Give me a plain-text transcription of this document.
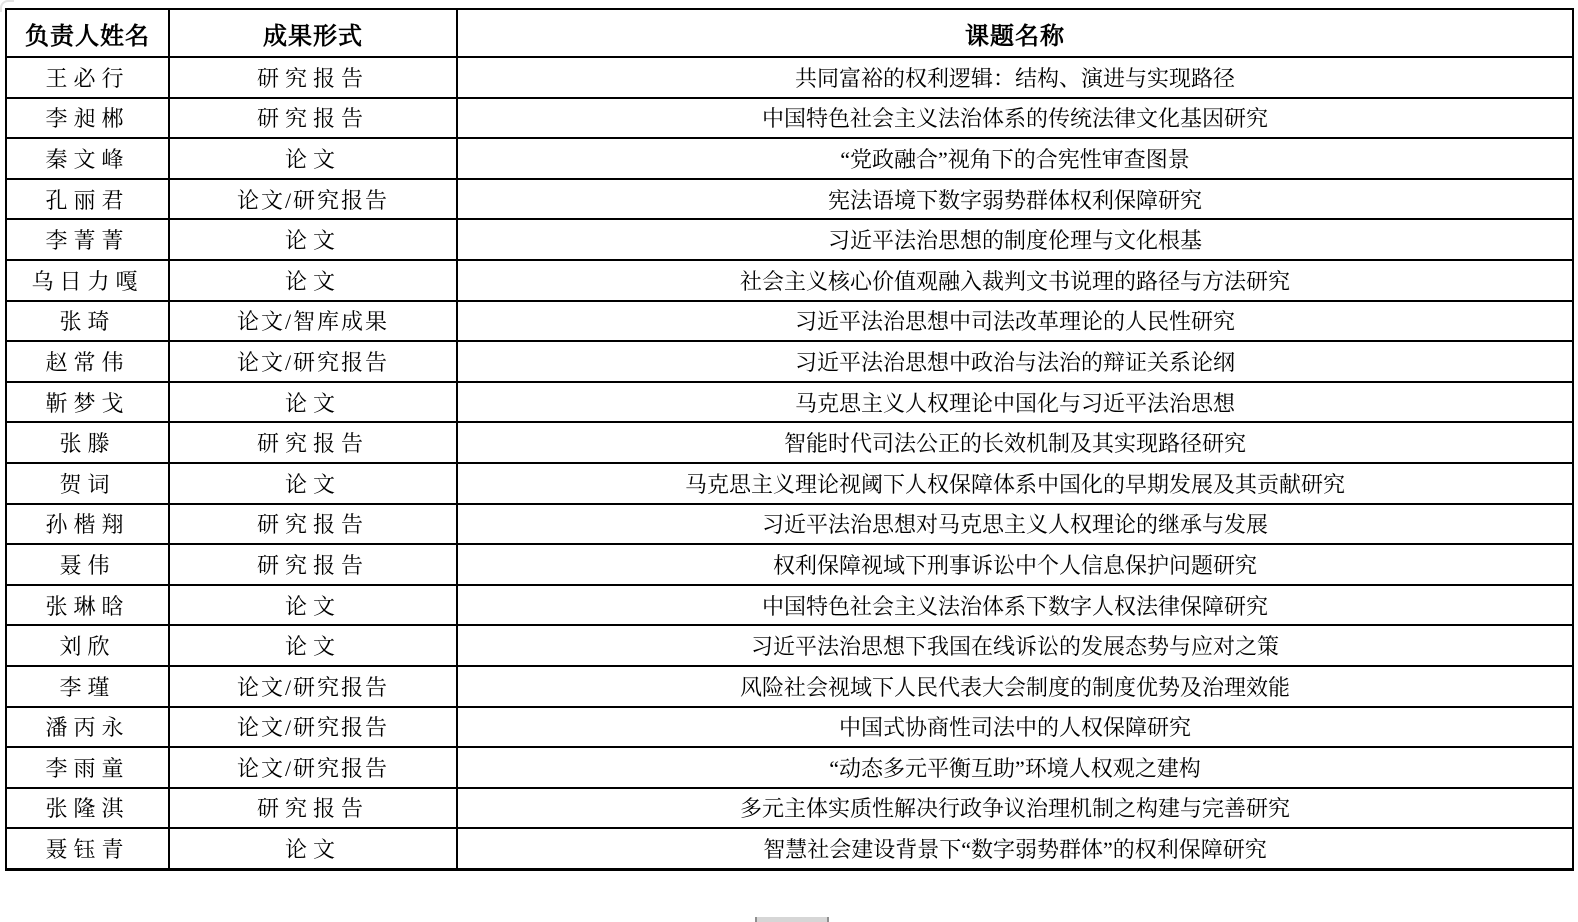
负责人姓名	成果形式	课题名称
王必行	研究报告	共同富裕的权利逻辑：结构、演进与实现路径
李昶郴	研究报告	中国特色社会主义法治体系的传统法律文化基因研究
秦文峰	论文	“党政融合”视角下的合宪性审查图景
孔丽君	论文/研究报告	宪法语境下数字弱势群体权利保障研究
李菁菁	论文	习近平法治思想的制度伦理与文化根基
乌日力嘎	论文	社会主义核心价值观融入裁判文书说理的路径与方法研究
张琦	论文/智库成果	习近平法治思想中司法改革理论的人民性研究
赵常伟	论文/研究报告	习近平法治思想中政治与法治的辩证关系论纲
靳梦戈	论文	马克思主义人权理论中国化与习近平法治思想
张滕	研究报告	智能时代司法公正的长效机制及其实现路径研究
贺词	论文	马克思主义理论视阈下人权保障体系中国化的早期发展及其贡献研究
孙楷翔	研究报告	习近平法治思想对马克思主义人权理论的继承与发展
聂伟	研究报告	权利保障视域下刑事诉讼中个人信息保护问题研究
张琳晗	论文	中国特色社会主义法治体系下数字人权法律保障研究
刘欣	论文	习近平法治思想下我国在线诉讼的发展态势与应对之策
李瑾	论文/研究报告	风险社会视域下人民代表大会制度的制度优势及治理效能
潘丙永	论文/研究报告	中国式协商性司法中的人权保障研究
李雨童	论文/研究报告	“动态多元平衡互助”环境人权观之建构
张隆淇	研究报告	多元主体实质性解决行政争议治理机制之构建与完善研究
聂钰青	论文	智慧社会建设背景下“数字弱势群体”的权利保障研究
